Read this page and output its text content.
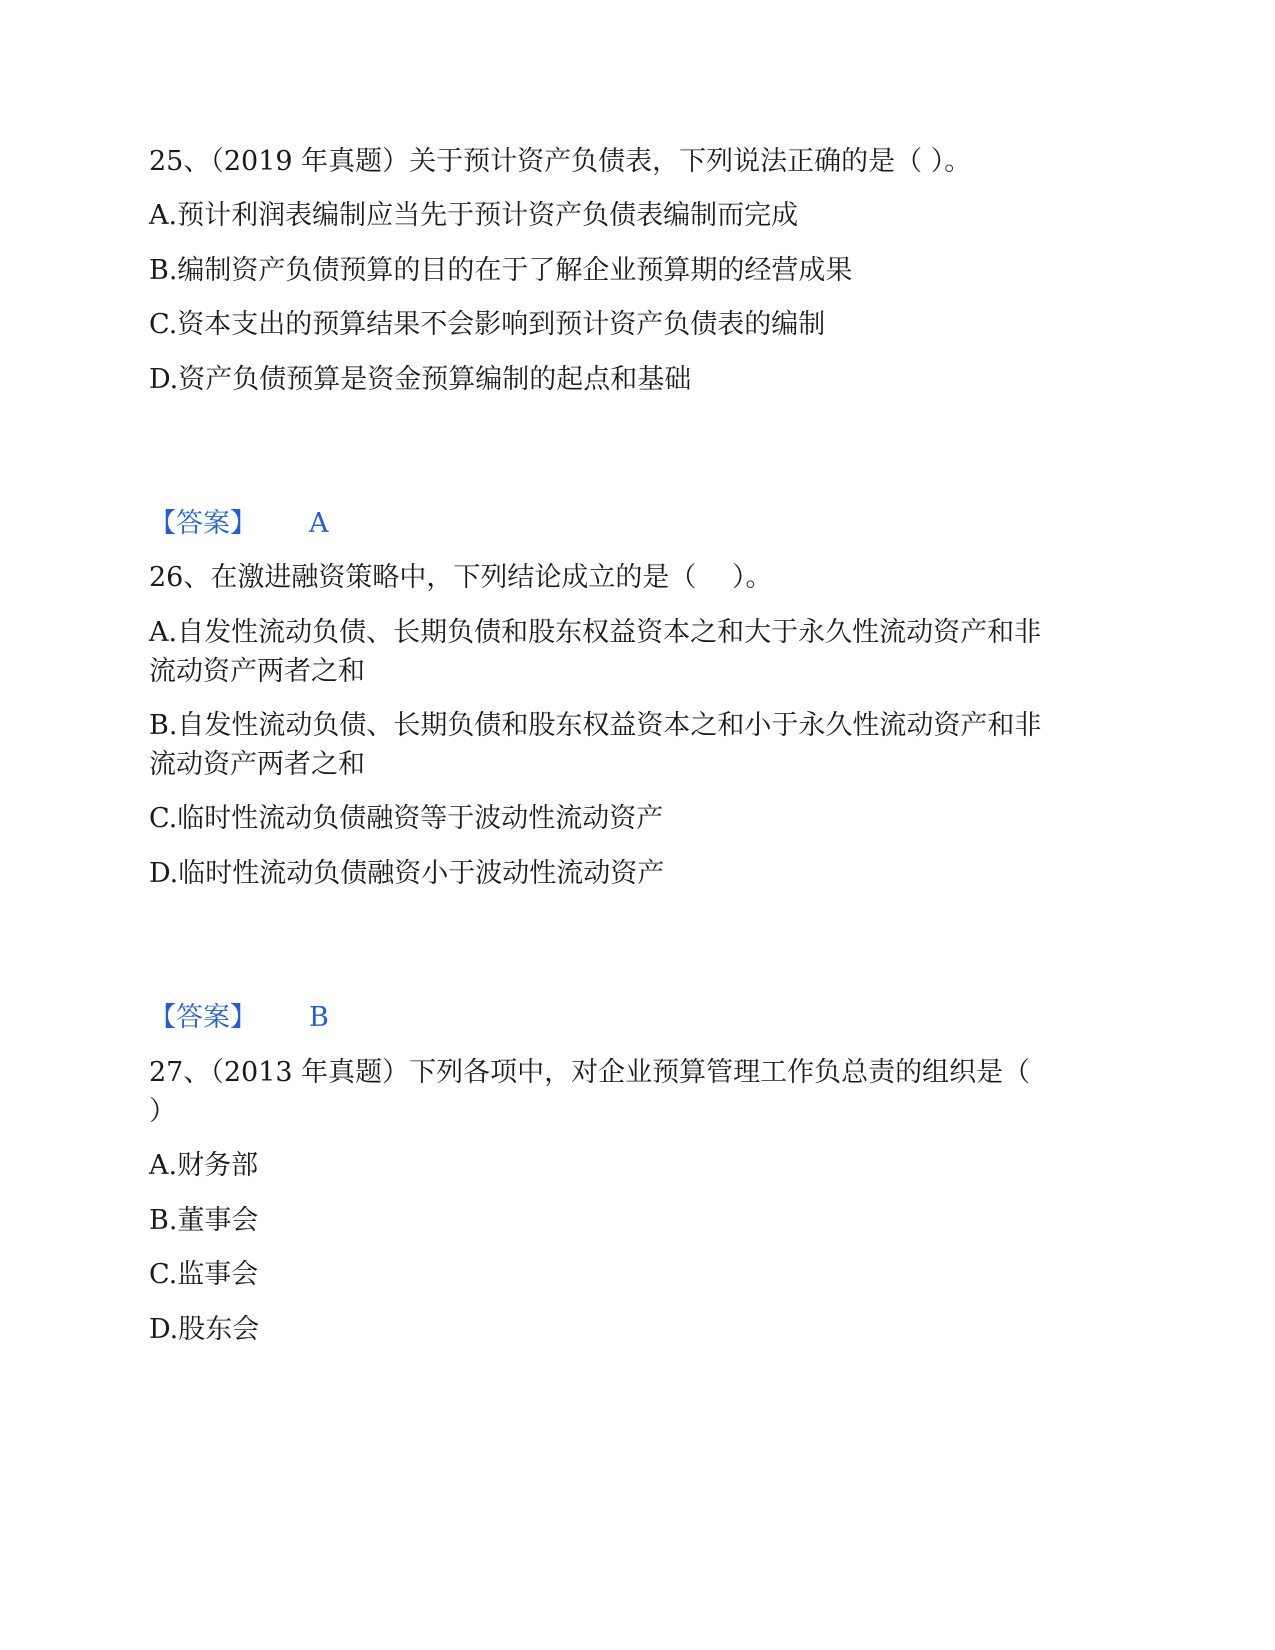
25、（2019 年真题）关于预计资产负债表，下列说法正确的是（ ）。
A.预计利润表编制应当先于预计资产负债表编制而完成
B.编制资产负债预算的目的在于了解企业预算期的经营成果
C.资本支出的预算结果不会影响到预计资产负债表的编制
D.资产负债预算是资金预算编制的起点和基础
【答案】 A
26、在激进融资策略中，下列结论成立的是（　 ）。
A.自发性流动负债、长期负债和股东权益资本之和大于永久性流动资产和非
流动资产两者之和
B.自发性流动负债、长期负债和股东权益资本之和小于永久性流动资产和非
流动资产两者之和
C.临时性流动负债融资等于波动性流动资产
D.临时性流动负债融资小于波动性流动资产
【答案】 B
27、（2013 年真题）下列各项中，对企业预算管理工作负总责的组织是（
）
A.财务部
B.董事会
C.监事会
D.股东会
